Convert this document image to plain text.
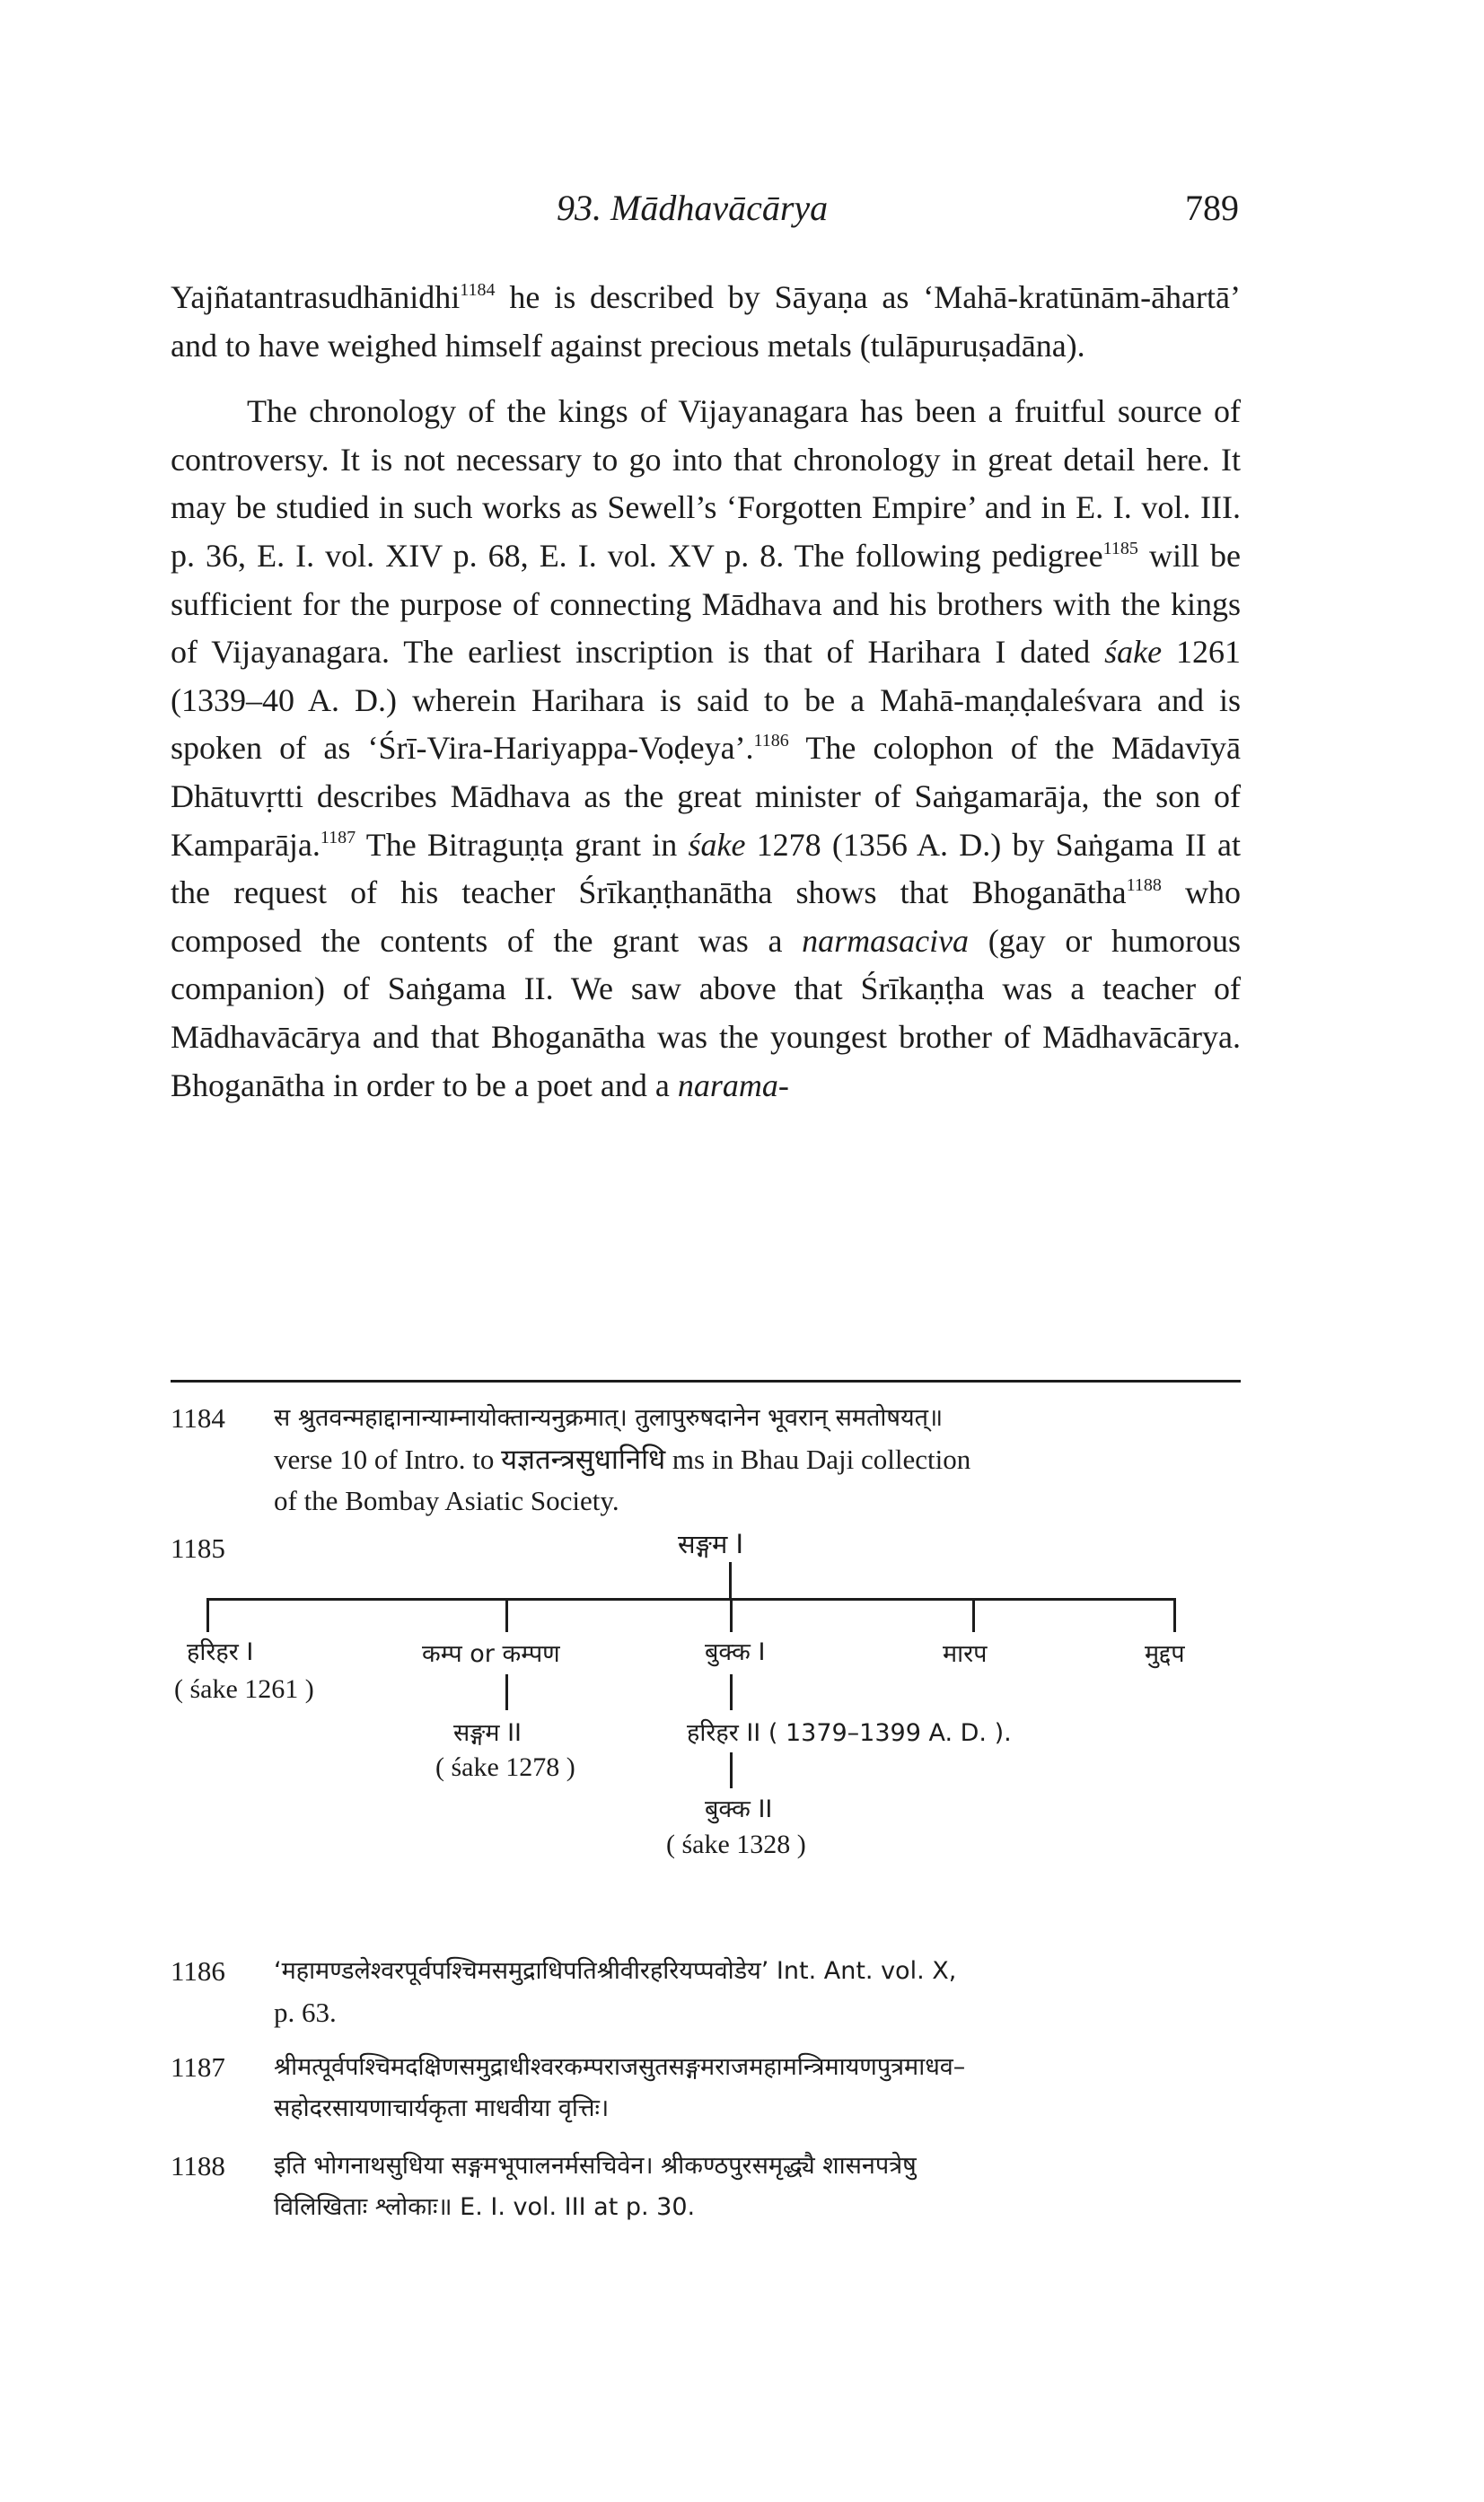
93. Mādhavācārya	789

Yajñatantrasudhānidhi$^{1184}$ he is described by Sāyaṇa as ‘Mahā-kratūnām-āhartā’ and to have weighed himself against precious metals (tulāpuruṣadāna).

The chronology of the kings of Vijayanagara has been a fruitful source of controversy. It is not necessary to go into that chronology in great detail here. It may be studied in such works as Sewell’s ‘Forgotten Empire’ and in E. I. vol. III. p. 36, E. I. vol. XIV p. 68, E. I. vol. XV p. 8. The following pedigree$^{1185}$ will be sufficient for the purpose of connecting Mādhava and his brothers with the kings of Vijayanagara. The earliest inscription is that of Harihara I dated śake 1261 (1339–40 A. D.) wherein Harihara is said to be a Mahā-maṇḍaleśvara and is spoken of as ‘Śrī-Vira-Hariyappa-Voḍeya’.$^{1186}$ The colophon of the Mādavīyā Dhātuvṛtti describes Mādhava as the great minister of Saṅgamarāja, the son of Kamparāja.$^{1187}$ The Bitraguṇṭa grant in śake 1278 (1356 A. D.) by Saṅgama II at the request of his teacher Śrīkaṇṭhanātha shows that Bhoganātha$^{1188}$ who composed the contents of the grant was a narmasaciva (gay or humorous companion) of Saṅgama II. We saw above that Śrīkaṇṭha was a teacher of Mādhavācārya and that Bhoganātha was the youngest brother of Mādhavācārya. Bhoganātha in order to be a poet and a narama-

1184	स श्रुतवन्महाद्दानान्याम्नायोक्तान्यनुक्रमात्। तुलापुरुषदानेन भूवरान् समतोषयत्॥
verse 10 of Intro. to यज्ञतन्त्रसुधानिधि ms in Bhau Daji collection
of the Bombay Asiatic Society.
1185	सङ्गम I
हरिहर I
( śake 1261 )
कम्प or कम्पण
सङ्गम II
( śake 1278 )
बुक्क I
हरिहर II ( 1379–1399 A. D. ).
बुक्क II
( śake 1328 )
मारप	मुद्दप
1186	‘महामण्डलेश्वरपूर्वपश्चिमसमुद्राधिपतिश्रीवीरहरियप्पवोडेय’ Int. Ant. vol. X,
p. 63.
1187	श्रीमत्पूर्वपश्चिमदक्षिणसमुद्राधीश्वरकम्पराजसुतसङ्गमराजमहामन्त्रिमायणपुत्रमाधव–
सहोदरसायणाचार्यकृता माधवीया वृत्तिः।
1188	इति भोगनाथसुधिया सङ्गमभूपालनर्मसचिवेन। श्रीकण्ठपुरसमृद्ध्यै शासनपत्रेषु
विलिखिताः श्लोकाः॥ E. I. vol. III at p. 30.
